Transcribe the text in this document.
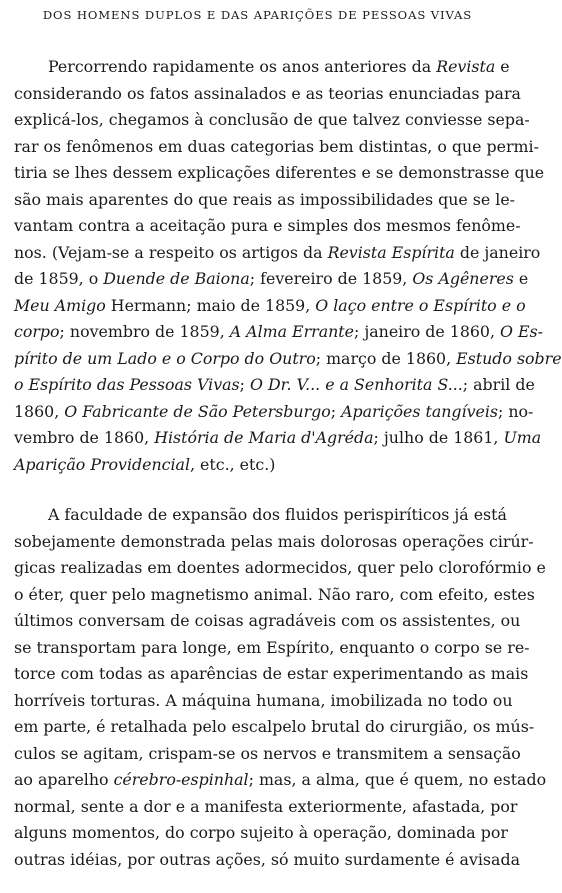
DOS HOMENS DUPLOS E DAS APARIÇÕES DE PESSOAS VIVAS
Percorrendo rapidamente os anos anteriores da Revista e
considerando os fatos assinalados e as teorias enunciadas para
explicá-los, chegamos à conclusão de que talvez conviesse sepa-
rar os fenômenos em duas categorias bem distintas, o que permi-
tiria se lhes dessem explicações diferentes e se demonstrasse que
são mais aparentes do que reais as impossibilidades que se le-
vantam contra a aceitação pura e simples dos mesmos fenôme-
nos. (Vejam-se a respeito os artigos da Revista Espírita de janeiro
de 1859, o Duende de Baiona; fevereiro de 1859, Os Agêneres e
Meu Amigo Hermann; maio de 1859, O laço entre o Espírito e o
corpo; novembro de 1859, A Alma Errante; janeiro de 1860, O Es-
pírito de um Lado e o Corpo do Outro; março de 1860, Estudo sobre
o Espírito das Pessoas Vivas; O Dr. V... e a Senhorita S...; abril de
1860, O Fabricante de São Petersburgo; Aparições tangíveis; no-
vembro de 1860, História de Maria d'Agréda; julho de 1861, Uma
Aparição Providencial, etc., etc.)
A faculdade de expansão dos fluidos perispiríticos já está
sobejamente demonstrada pelas mais dolorosas operações cirúr-
gicas realizadas em doentes adormecidos, quer pelo clorofórmio e
o éter, quer pelo magnetismo animal. Não raro, com efeito, estes
últimos conversam de coisas agradáveis com os assistentes, ou
se transportam para longe, em Espírito, enquanto o corpo se re-
torce com todas as aparências de estar experimentando as mais
horríveis torturas. A máquina humana, imobilizada no todo ou
em parte, é retalhada pelo escalpelo brutal do cirurgião, os mús-
culos se agitam, crispam-se os nervos e transmitem a sensação
ao aparelho cérebro-espinhal; mas, a alma, que é quem, no estado
normal, sente a dor e a manifesta exteriormente, afastada, por
alguns momentos, do corpo sujeito à operação, dominada por
outras idéias, por outras ações, só muito surdamente é avisada
